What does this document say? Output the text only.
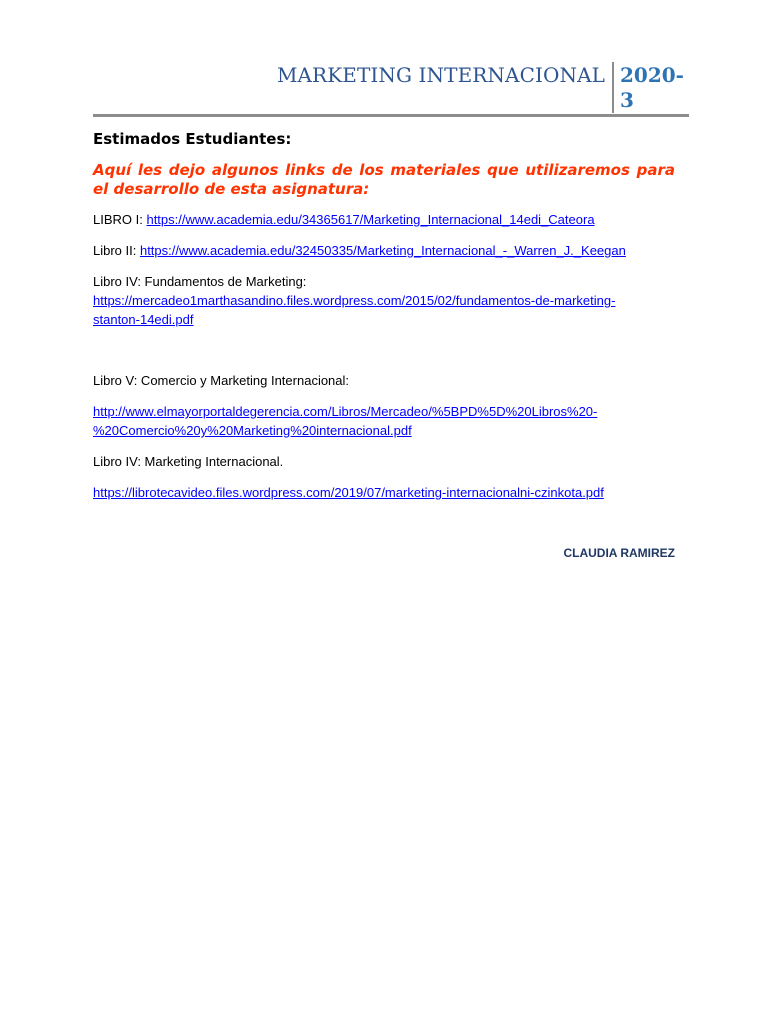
MARKETING INTERNACIONAL 2020-3
Estimados Estudiantes:
Aquí les dejo algunos links de los materiales que utilizaremos para el desarrollo de esta asignatura:
LIBRO I: https://www.academia.edu/34365617/Marketing_Internacional_14edi_Cateora
Libro II: https://www.academia.edu/32450335/Marketing_Internacional_-_Warren_J._Keegan
Libro IV: Fundamentos de Marketing:
https://mercadeo1marthasandino.files.wordpress.com/2015/02/fundamentos-de-marketing-
stanton-14edi.pdf
Libro V: Comercio y Marketing Internacional:
http://www.elmayorportaldegerencia.com/Libros/Mercadeo/%5BPD%5D%20Libros%20-
%20Comercio%20y%20Marketing%20internacional.pdf
Libro IV: Marketing Internacional.
https://librotecavideo.files.wordpress.com/2019/07/marketing-internacionalni-czinkota.pdf
CLAUDIA RAMIREZ
